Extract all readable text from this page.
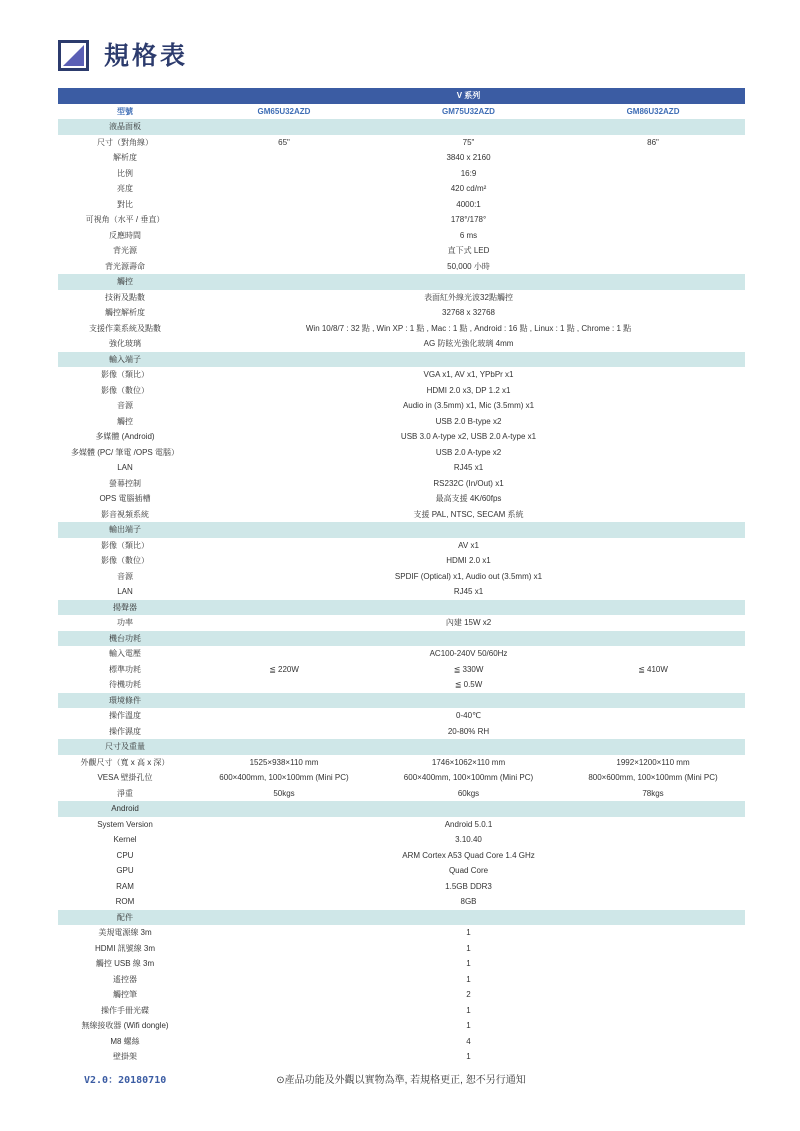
規格表
	V 系列		
型號	GM65U32AZD	GM75U32AZD	GM86U32AZD
液晶面板			
尺寸（對角線）	65"	75"	86"
解析度	3840 x 2160		
比例	16:9		
亮度	420 cd/m²		
對比	4000:1		
可視角（水平 / 垂直）	178°/178°		
反應時間	6 ms		
背光源	直下式 LED		
背光源壽命	50,000 小時		
觸控			
技術及點數	表面紅外線光波32點觸控		
觸控解析度	32768 x 32768		
支援作業系統及點數	Win 10/8/7 : 32 點 , Win XP : 1 點 , Mac : 1 點 , Android : 16 點 , Linux : 1 點 , Chrome : 1 點		
強化玻璃	AG 防眩光強化玻璃 4mm		
輸入端子			
影像（類比）	VGA x1, AV x1, YPbPr x1		
影像（數位）	HDMI 2.0 x3, DP 1.2 x1		
音源	Audio in (3.5mm) x1, Mic (3.5mm) x1		
觸控	USB 2.0 B-type x2		
多媒體 (Android)	USB 3.0 A-type x2, USB 2.0 A-type x1		
多媒體 (PC/ 筆電 /OPS 電腦）	USB 2.0 A-type x2		
LAN	RJ45 x1		
螢幕控制	RS232C (In/Out) x1		
OPS 電腦插槽	最高支援 4K/60fps		
影音視頻系統	支援 PAL, NTSC, SECAM 系統		
輸出端子			
影像（類比）	AV x1		
影像（數位）	HDMI 2.0 x1		
音源	SPDIF (Optical) x1, Audio out (3.5mm) x1		
LAN	RJ45 x1		
揚聲器			
功率	內建 15W x2		
機台功耗			
輸入電壓	AC100-240V 50/60Hz		
標準功耗	≦ 220W	≦ 330W	≦ 410W
待機功耗	≦ 0.5W		
環境條件			
操作溫度	0-40℃		
操作濕度	20-80% RH		
尺寸及重量			
外觀尺寸（寬 x 高 x 深）	1525×938×110 mm	1746×1062×110 mm	1992×1200×110 mm
VESA 壁掛孔位	600×400mm, 100×100mm (Mini PC)	600×400mm, 100×100mm (Mini PC)	800×600mm, 100×100mm (Mini PC)
淨重	50kgs	60kgs	78kgs
Android			
System Version	Android 5.0.1		
Kernel	3.10.40		
CPU	ARM Cortex A53 Quad Core 1.4 GHz		
GPU	Quad Core		
RAM	1.5GB DDR3		
ROM	8GB		
配件			
美規電源線 3m	1		
HDMI 訊號線 3m	1		
觸控 USB 線 3m	1		
遙控器	1		
觸控筆	2		
操作手冊光碟	1		
無線接收器 (Wifi dongle)	1		
M8 螺絲	4		
壁掛架	1		
V2.0：20180710	⊙產品功能及外觀以實物為準, 若規格更正, 恕不另行通知
